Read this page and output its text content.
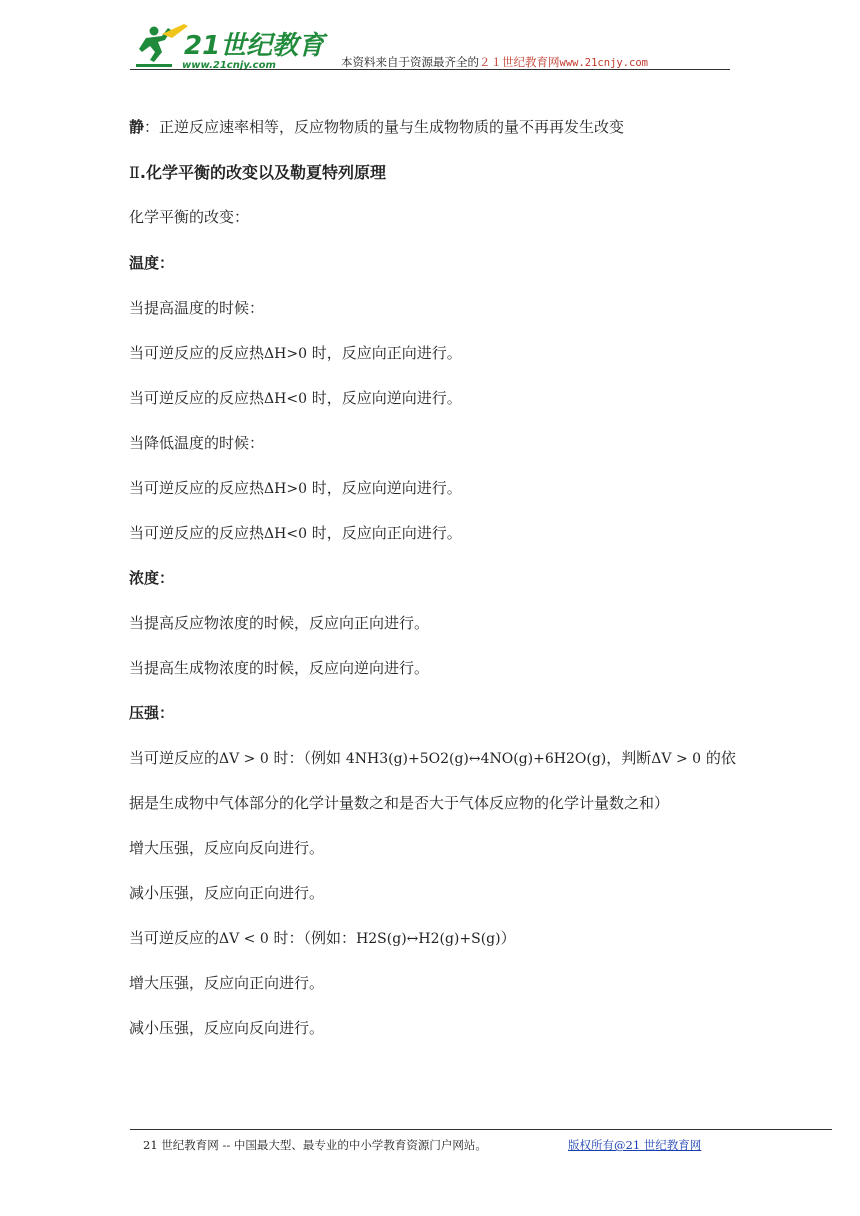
21世纪教育
www.21cnjy.com	本资料来自于资源最齐全的２１世纪教育网www.21cnjy.com
静：正逆反应速率相等，反应物物质的量与生成物物质的量不再再发生改变
Ⅱ.化学平衡的改变以及勒夏特列原理
化学平衡的改变：
温度：
当提高温度的时候：
当可逆反应的反应热ΔH>0 时，反应向正向进行。
当可逆反应的反应热ΔH<0 时，反应向逆向进行。
当降低温度的时候：
当可逆反应的反应热ΔH>0 时，反应向逆向进行。
当可逆反应的反应热ΔH<0 时，反应向正向进行。
浓度：
当提高反应物浓度的时候，反应向正向进行。
当提高生成物浓度的时候，反应向逆向进行。
压强：
当可逆反应的ΔV > 0 时：（例如 4NH3(g)+5O2(g)↔4NO(g)+6H2O(g)，判断ΔV > 0 的依
据是生成物中气体部分的化学计量数之和是否大于气体反应物的化学计量数之和）
增大压强，反应向反向进行。
减小压强，反应向正向进行。
当可逆反应的ΔV < 0 时：（例如：H2S(g)↔H2(g)+S(g)）
增大压强，反应向正向进行。
减小压强，反应向反向进行。
21 世纪教育网 -- 中国最大型、最专业的中小学教育资源门户网站。	版权所有@21 世纪教育网
